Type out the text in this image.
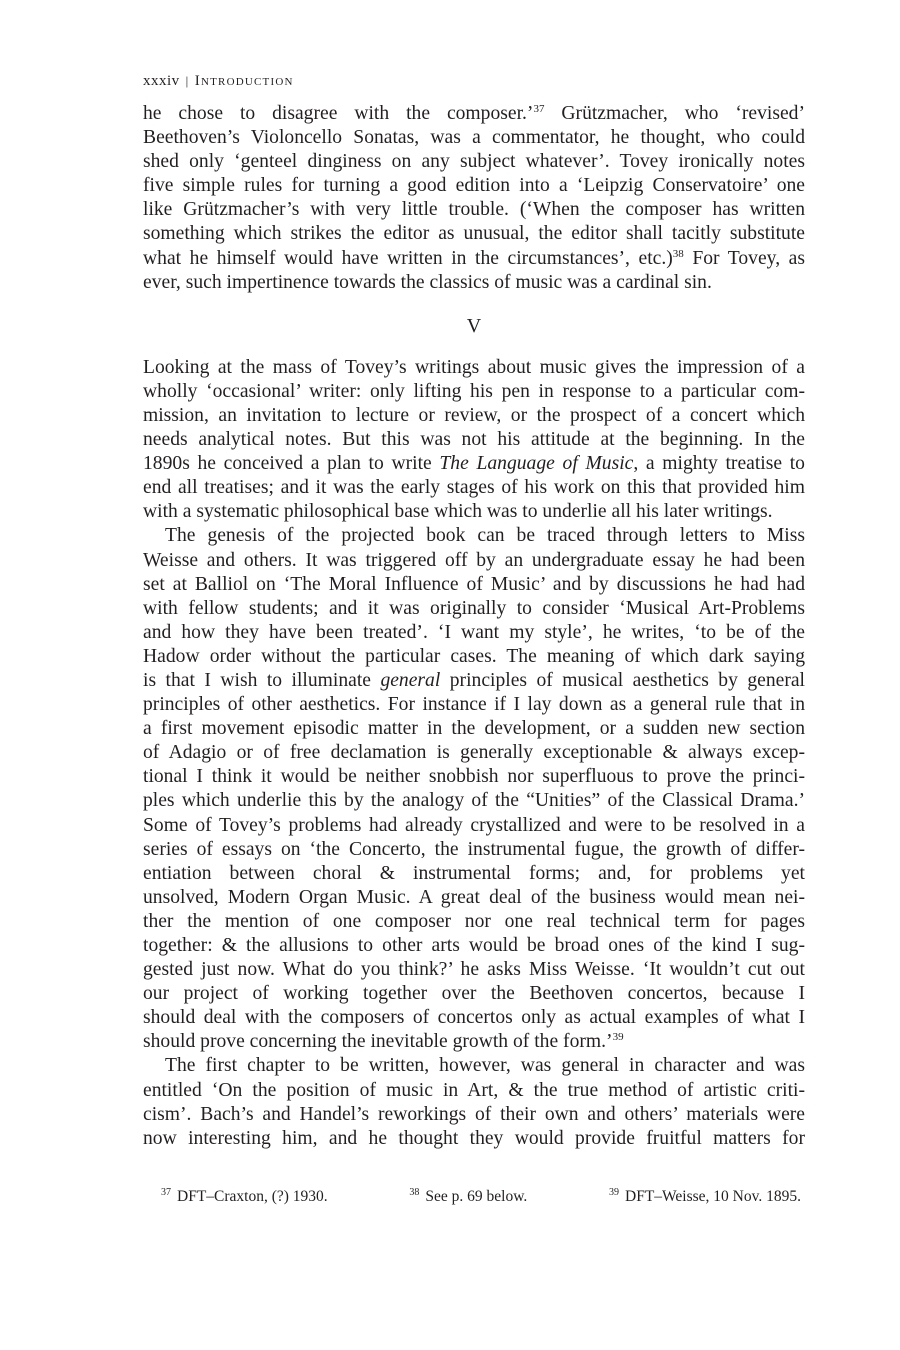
xxxiv | Introduction
he chose to disagree with the composer.’$^{37}$ Grützmacher, who ‘revised’
Beethoven’s Violoncello Sonatas, was a commentator, he thought, who could
shed only ‘genteel dinginess on any subject whatever’. Tovey ironically notes
five simple rules for turning a good edition into a ‘Leipzig Conservatoire’ one
like Grützmacher’s with very little trouble. (‘When the composer has written
something which strikes the editor as unusual, the editor shall tacitly substitute
what he himself would have written in the circumstances’, etc.)$^{38}$ For Tovey, as
ever, such impertinence towards the classics of music was a cardinal sin.
V
Looking at the mass of Tovey’s writings about music gives the impression of a
wholly ‘occasional’ writer: only lifting his pen in response to a particular com-
mission, an invitation to lecture or review, or the prospect of a concert which
needs analytical notes. But this was not his attitude at the beginning. In the
1890s he conceived a plan to write The Language of Music, a mighty treatise to
end all treatises; and it was the early stages of his work on this that provided him
with a systematic philosophical base which was to underlie all his later writings.
The genesis of the projected book can be traced through letters to Miss
Weisse and others. It was triggered off by an undergraduate essay he had been
set at Balliol on ‘The Moral Influence of Music’ and by discussions he had had
with fellow students; and it was originally to consider ‘Musical Art-Problems
and how they have been treated’. ‘I want my style’, he writes, ‘to be of the
Hadow order without the particular cases. The meaning of which dark saying
is that I wish to illuminate general principles of musical aesthetics by general
principles of other aesthetics. For instance if I lay down as a general rule that in
a first movement episodic matter in the development, or a sudden new section
of Adagio or of free declamation is generally exceptionable & always excep-
tional I think it would be neither snobbish nor superfluous to prove the princi-
ples which underlie this by the analogy of the “Unities” of the Classical Drama.’
Some of Tovey’s problems had already crystallized and were to be resolved in a
series of essays on ‘the Concerto, the instrumental fugue, the growth of differ-
entiation between choral & instrumental forms; and, for problems yet
unsolved, Modern Organ Music. A great deal of the business would mean nei-
ther the mention of one composer nor one real technical term for pages
together: & the allusions to other arts would be broad ones of the kind I sug-
gested just now. What do you think?’ he asks Miss Weisse. ‘It wouldn’t cut out
our project of working together over the Beethoven concertos, because I
should deal with the composers of concertos only as actual examples of what I
should prove concerning the inevitable growth of the form.’$^{39}$
The first chapter to be written, however, was general in character and was
entitled ‘On the position of music in Art, & the true method of artistic criti-
cism’. Bach’s and Handel’s reworkings of their own and others’ materials were
now interesting him, and he thought they would provide fruitful matters for
$^{37}$ DFT–Craxton, (?) 1930.	$^{38}$ See p. 69 below.	$^{39}$ DFT–Weisse, 10 Nov. 1895.
